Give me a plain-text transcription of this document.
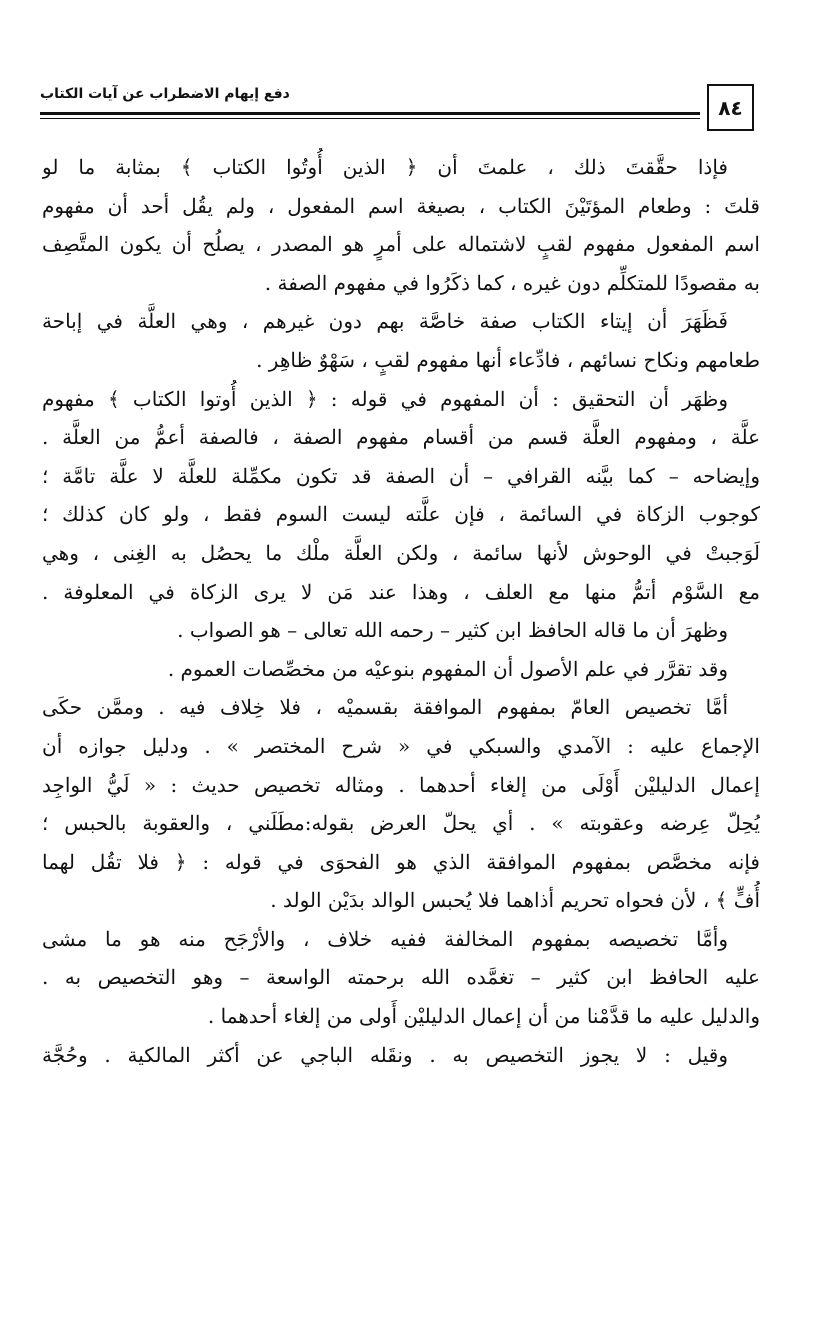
٨٤
دفع إيهام الاضطراب عن آيات الكتاب
فإذا حقَّقتَ ذلك ، علمتَ أن ﴿ الذين أُوتُوا الكتاب ﴾ بمثابة ما لو
قلتَ : وطعام المؤتَيْنَ الكتاب ، بصيغة اسم المفعول ، ولم يقُل أحد أن مفهوم
اسم المفعول مفهوم لقبٍ لاشتماله على أمرٍ هو المصدر ، يصلُح أن يكون المتَّصِف
به مقصودًا للمتكلِّم دون غيره ، كما ذكَرُوا في مفهوم الصفة .
فَظَهَرَ أن إيتاء الكتاب صفة خاصَّة بهم دون غيرهم ، وهي العلَّة في إباحة
طعامهم ونكاح نسائهم ، فادِّعاء أنها مفهوم لقبٍ ، سَهْوٌ ظاهِر .
وظهَر أن التحقيق : أن المفهوم في قوله : ﴿ الذين أُوتوا الكتاب ﴾ مفهوم
علَّة ، ومفهوم العلَّة قسم من أقسام مفهوم الصفة ، فالصفة أعمُّ من العلَّة .
وإيضاحه – كما بيَّنه القرافي – أن الصفة قد تكون مكمِّلة للعلَّة لا علَّة تامَّة ؛
كوجوب الزكاة في السائمة ، فإن علَّته ليست السوم فقط ، ولو كان كذلك ؛
لَوَجبتْ في الوحوش لأنها سائمة ، ولكن العلَّة ملْك ما يحصُل به الغِنى ، وهي
مع السَّوْم أتمُّ منها مع العلف ، وهذا عند مَن لا يرى الزكاة في المعلوفة .
وظهرَ أن ما قاله الحافظ ابن كثير – رحمه الله تعالى – هو الصواب .
وقد تقرَّر في علم الأصول أن المفهوم بنوعيْه من مخصِّصات العموم .
أمَّا تخصيص العامّ بمفهوم الموافقة بقسميْه ، فلا خِلاف فيه . وممَّن حكَى
الإجماع عليه : الآمدي والسبكي في « شرح المختصر » . ودليل جوازه أن
إعمال الدليليْن أَوْلَى من إلغاء أحدهما . ومثاله تخصيص حديث : « لَيُّ الواجِد
يُحِلّ عِرضه وعقوبته » . أي يحلّ العرض بقوله:مطَلَني ، والعقوبة بالحبس ؛
فإنه مخصَّص بمفهوم الموافقة الذي هو الفحوَى في قوله : ﴿ فلا تقُل لهما
أُفٍّ ﴾ ، لأن فحواه تحريم أذاهما فلا يُحبس الوالد بدَيْن الولد .
وأمَّا تخصيصه بمفهوم المخالفة ففيه خلاف ، والأرْجَح منه هو ما مشى
عليه الحافظ ابن كثير – تغمَّده الله برحمته الواسعة – وهو التخصيص به .
والدليل عليه ما قدَّمْنا من أن إعمال الدليليْن أَولى من إلغاء أحدهما .
وقيل : لا يجوز التخصيص به . ونقَله الباجي عن أكثر المالكية . وحُجَّة
